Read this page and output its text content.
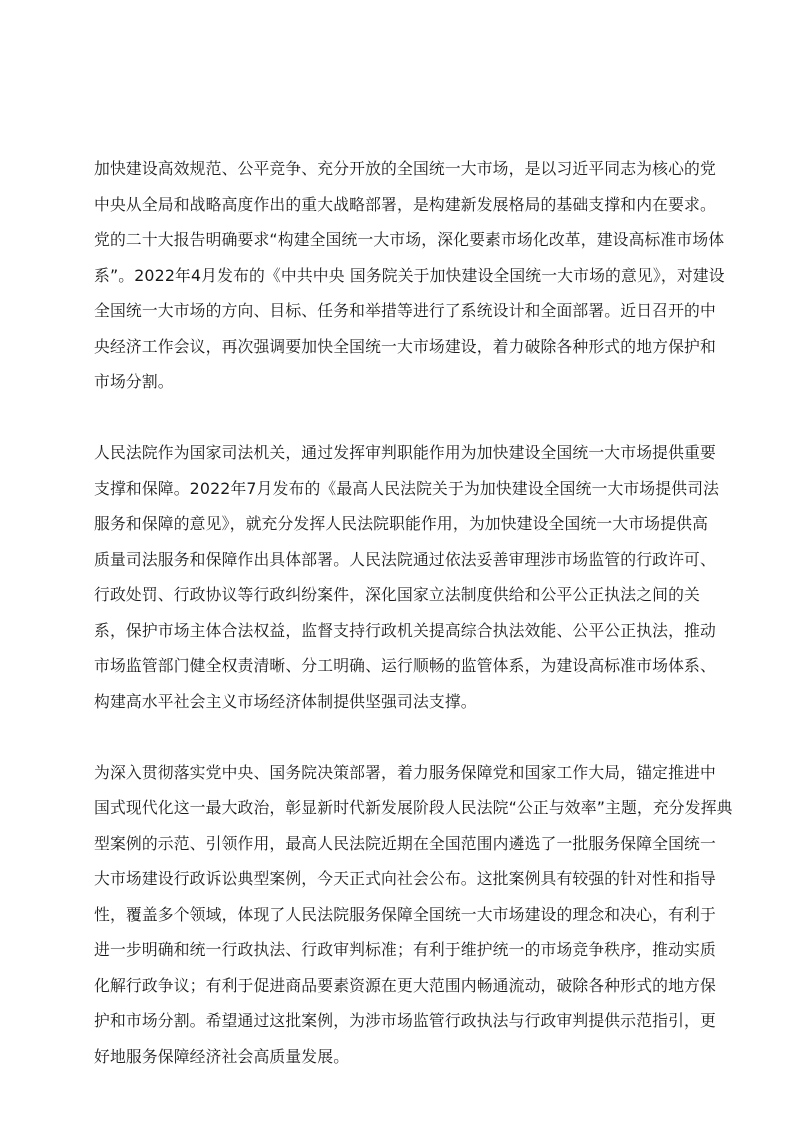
加快建设高效规范、公平竞争、充分开放的全国统一大市场，是以习近平同志为核心的党
中央从全局和战略高度作出的重大战略部署，是构建新发展格局的基础支撑和内在要求。
党的二十大报告明确要求“构建全国统一大市场，深化要素市场化改革，建设高标准市场体
系”。2022年4月发布的《中共中央 国务院关于加快建设全国统一大市场的意见》，对建设
全国统一大市场的方向、目标、任务和举措等进行了系统设计和全面部署。近日召开的中
央经济工作会议，再次强调要加快全国统一大市场建设，着力破除各种形式的地方保护和
市场分割。
人民法院作为国家司法机关，通过发挥审判职能作用为加快建设全国统一大市场提供重要
支撑和保障。2022年7月发布的《最高人民法院关于为加快建设全国统一大市场提供司法
服务和保障的意见》，就充分发挥人民法院职能作用，为加快建设全国统一大市场提供高
质量司法服务和保障作出具体部署。人民法院通过依法妥善审理涉市场监管的行政许可、
行政处罚、行政协议等行政纠纷案件，深化国家立法制度供给和公平公正执法之间的关
系，保护市场主体合法权益，监督支持行政机关提高综合执法效能、公平公正执法，推动
市场监管部门健全权责清晰、分工明确、运行顺畅的监管体系，为建设高标准市场体系、
构建高水平社会主义市场经济体制提供坚强司法支撑。
为深入贯彻落实党中央、国务院决策部署，着力服务保障党和国家工作大局，锚定推进中
国式现代化这一最大政治，彰显新时代新发展阶段人民法院“公正与效率”主题，充分发挥典
型案例的示范、引领作用，最高人民法院近期在全国范围内遴选了一批服务保障全国统一
大市场建设行政诉讼典型案例，今天正式向社会公布。这批案例具有较强的针对性和指导
性，覆盖多个领域，体现了人民法院服务保障全国统一大市场建设的理念和决心，有利于
进一步明确和统一行政执法、行政审判标准；有利于维护统一的市场竞争秩序，推动实质
化解行政争议；有利于促进商品要素资源在更大范围内畅通流动，破除各种形式的地方保
护和市场分割。希望通过这批案例，为涉市场监管行政执法与行政审判提供示范指引，更
好地服务保障经济社会高质量发展。
